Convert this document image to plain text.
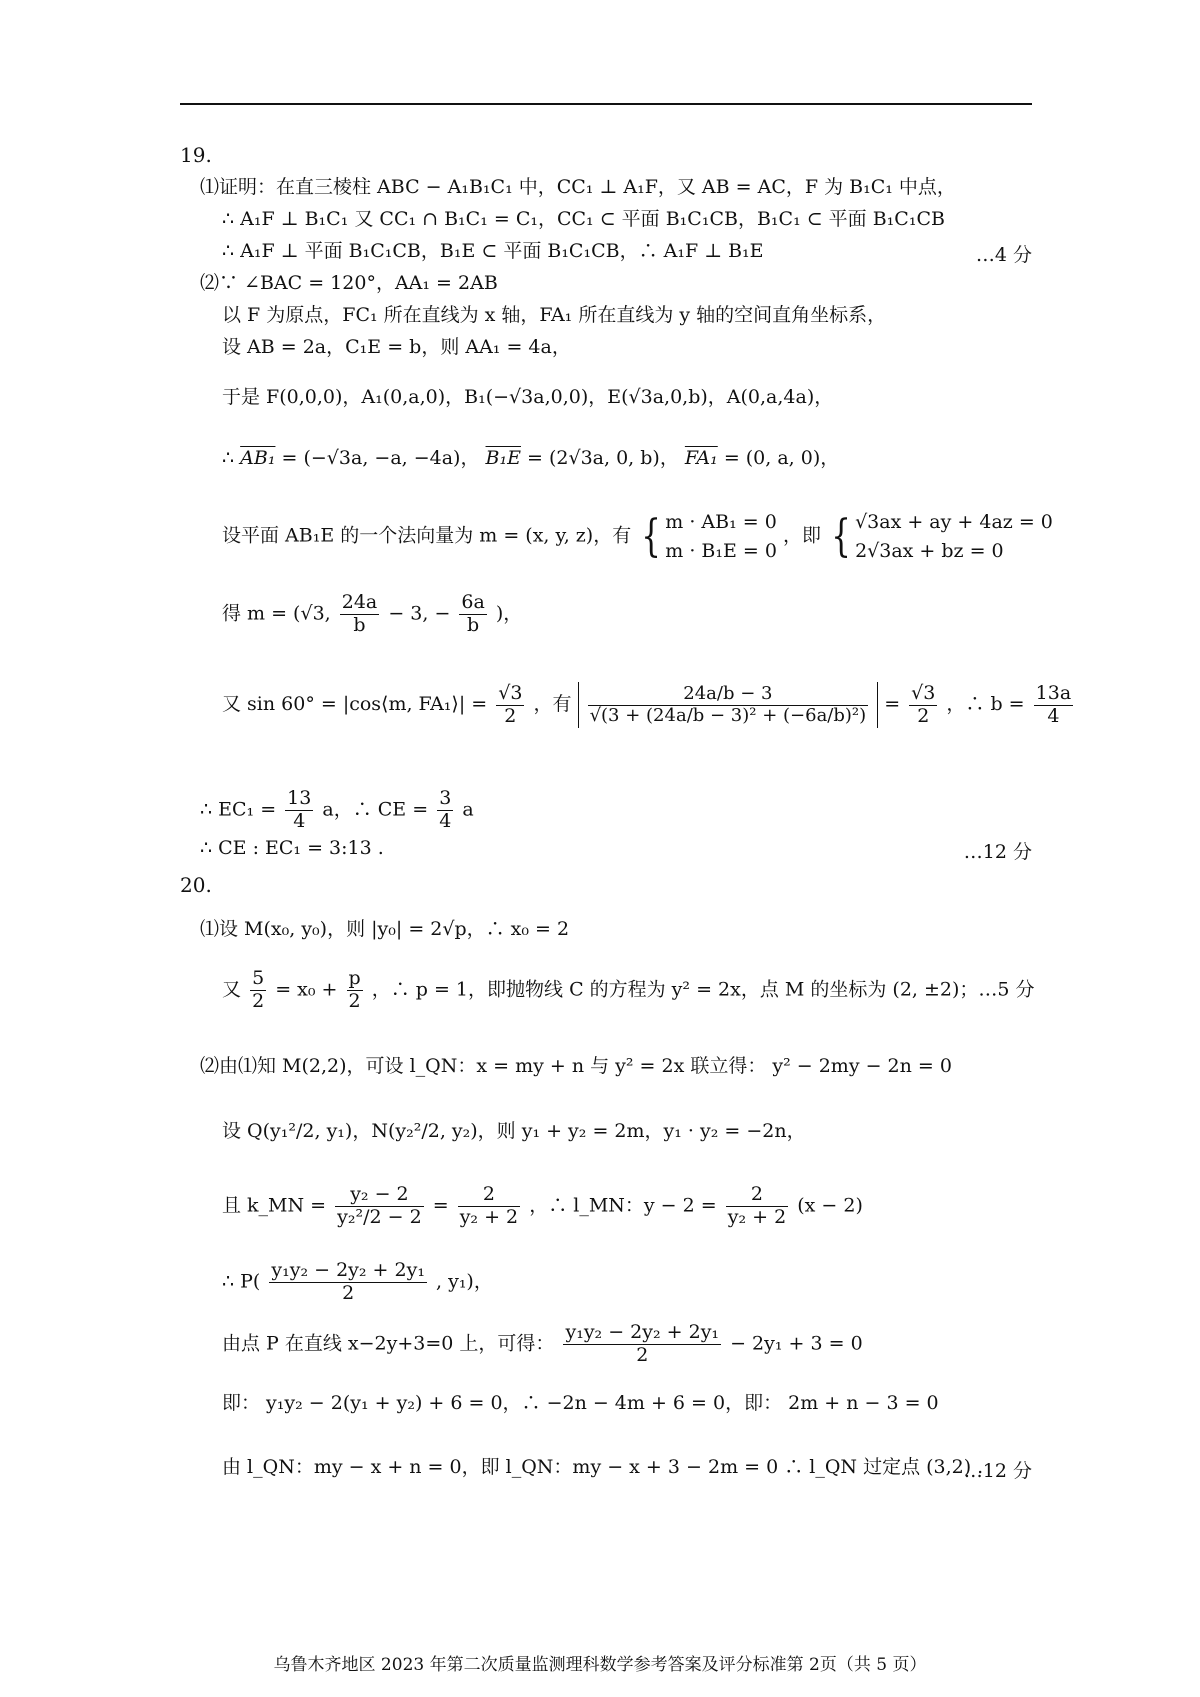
19.
⑴证明：在直三棱柱 ABC − A₁B₁C₁ 中，CC₁ ⊥ A₁F，又 AB = AC，F 为 B₁C₁ 中点，
∴ A₁F ⊥ B₁C₁ 又 CC₁ ∩ B₁C₁ = C₁，CC₁ ⊂ 平面 B₁C₁CB，B₁C₁ ⊂ 平面 B₁C₁CB
∴ A₁F ⊥ 平面 B₁C₁CB，B₁E ⊂ 平面 B₁C₁CB，∴ A₁F ⊥ B₁E	…4 分
⑵∵ ∠BAC = 120°，AA₁ = 2AB
以 F 为原点，FC₁ 所在直线为 x 轴，FA₁ 所在直线为 y 轴的空间直角坐标系，
设 AB = 2a，C₁E = b，则 AA₁ = 4a，
于是 F(0,0,0)，A₁(0,a,0)，B₁(−√3a,0,0)，E(√3a,0,b)，A(0,a,4a)，
∴ AB₁ = (−√3a, −a, −4a)， B₁E = (2√3a, 0, b)， FA₁ = (0, a, 0)，
设平面 AB₁E 的一个法向量为 m = (x, y, z)，有 { m · AB₁ = 0
m · B₁E = 0
，即 { √3ax + ay + 4az = 0
2√3ax + bz = 0
得 m = (√3, $\frac{24a}{b} - 3$, − $\frac{6a}{b}$ )，
又 sin 60° = |cos⟨m, FA₁⟩| = $\frac{√3}{2}$ ，有 $\frac{24a/b - 3}{\text{√(3 + (24a/b − 3)² + (−6a/b)²)}} = \frac{√3}{2}$ ，∴ $b = \frac{13a}{4}$
∴ $EC_1 = \frac{13}{4}$ a，∴ CE = $\frac{3}{4}$ a
∴ CE : EC₁ = 3:13 .	…12 分
20.
⑴设 M(x₀, y₀)，则 |y₀| = 2√p，∴ x₀ = 2
又 $\frac{5}{2} = x_0 + \frac{p}{2}$ ，∴ p = 1，即抛物线 C 的方程为 y² = 2x，点 M 的坐标为 (2, ±2)；…5 分
⑵由⑴知 M(2,2)，可设 l_QN：x = my + n 与 y² = 2x 联立得： y² − 2my − 2n = 0
设 Q(y₁²/2, y₁)，N(y₂²/2, y₂)，则 y₁ + y₂ = 2m，y₁ · y₂ = −2n，
且 k_MN = $\frac{\text{y₂ − 2}}{\text{y₂²/2 − 2}} = \frac{2}{\text{y₂ + 2}}$ ，∴ l_MN：$y - 2 = \frac{2}{\text{y₂ + 2}} (x - 2)$
∴ $P( \frac{\text{y₁y₂ − 2y₂ + 2y₁}}{2}$ , y₁)，
由点 P 在直线 x−2y+3=0 上，可得： $\frac{\text{y₁y₂ − 2y₂ + 2y₁}}{2} - 2y_1 + 3 = 0$
即： y₁y₂ − 2(y₁ + y₂) + 6 = 0，∴ −2n − 4m + 6 = 0，即： 2m + n − 3 = 0
由 l_QN：my − x + n = 0，即 l_QN：my − x + 3 − 2m = 0 ∴ l_QN 过定点 (3,2) .
…12 分
乌鲁木齐地区 2023 年第二次质量监测理科数学参考答案及评分标准第 2页（共 5 页）
